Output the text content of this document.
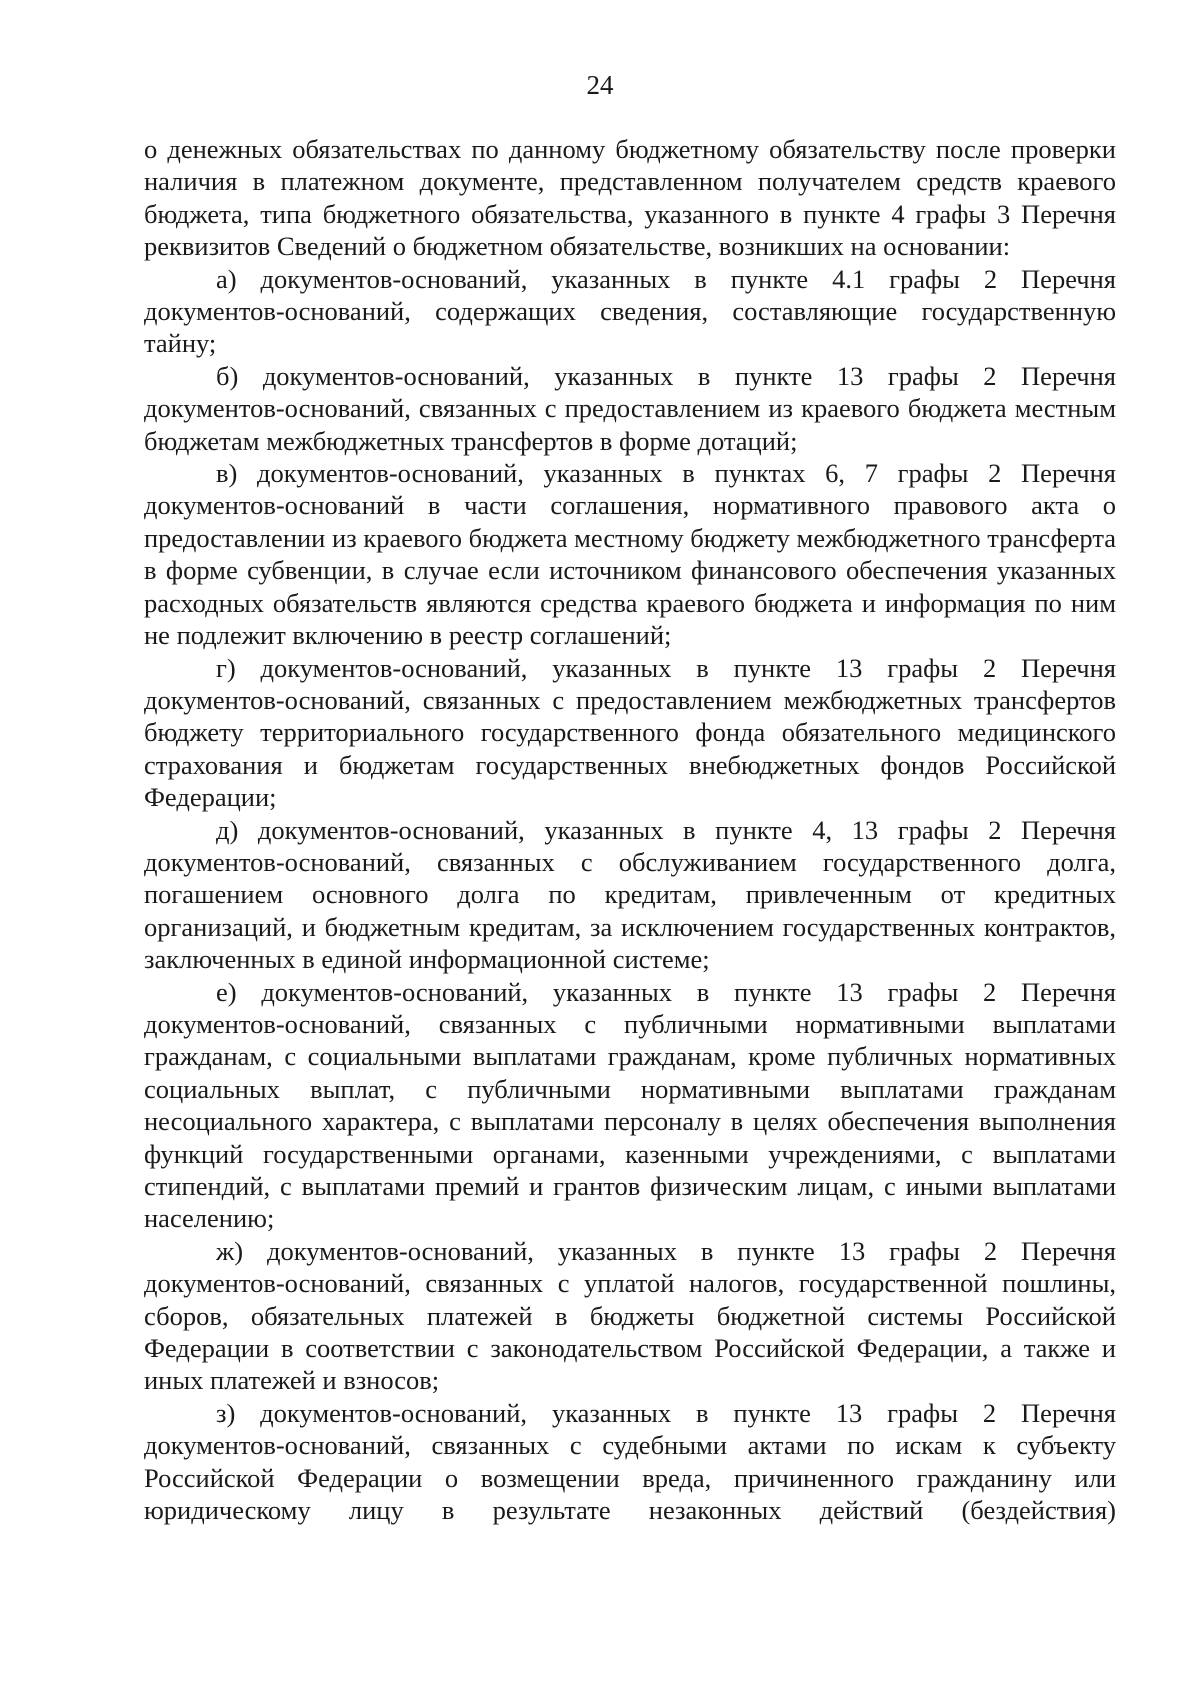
24

о денежных обязательствах по данному бюджетному обязательству после проверки наличия в платежном документе, представленном получателем средств краевого бюджета, типа бюджетного обязательства, указанного в пункте 4 графы 3 Перечня реквизитов Сведений о бюджетном обязательстве, возникших на основании:

а) документов-оснований, указанных в пункте 4.1 графы 2 Перечня документов-оснований, содержащих сведения, составляющие государственную тайну;

б) документов-оснований, указанных в пункте 13 графы 2 Перечня документов-оснований, связанных с предоставлением из краевого бюджета местным бюджетам межбюджетных трансфертов в форме дотаций;

в) документов-оснований, указанных в пунктах 6, 7 графы 2 Перечня документов-оснований в части соглашения, нормативного правового акта о предоставлении из краевого бюджета местному бюджету межбюджетного трансферта в форме субвенции, в случае если источником финансового обеспечения указанных расходных обязательств являются средства краевого бюджета и информация по ним не подлежит включению в реестр соглашений;

г) документов-оснований, указанных в пункте 13 графы 2 Перечня документов-оснований, связанных с предоставлением межбюджетных трансфертов бюджету территориального государственного фонда обязательного медицинского страхования и бюджетам государственных внебюджетных фондов Российской Федерации;

д) документов-оснований, указанных в пункте 4, 13 графы 2 Перечня документов-оснований, связанных с обслуживанием государственного долга, погашением основного долга по кредитам, привлеченным от кредитных организаций, и бюджетным кредитам, за исключением государственных контрактов, заключенных в единой информационной системе;

е) документов-оснований, указанных в пункте 13 графы 2 Перечня документов-оснований, связанных с публичными нормативными выплатами гражданам, с социальными выплатами гражданам, кроме публичных нормативных социальных выплат, с публичными нормативными выплатами гражданам несоциального характера, с выплатами персоналу в целях обеспечения выполнения функций государственными органами, казенными учреждениями, с выплатами стипендий, с выплатами премий и грантов физическим лицам, с иными выплатами населению;

ж) документов-оснований, указанных в пункте 13 графы 2 Перечня документов-оснований, связанных с уплатой налогов, государственной пошлины, сборов, обязательных платежей в бюджеты бюджетной системы Российской Федерации в соответствии с законодательством Российской Федерации, а также и иных платежей и взносов;

з) документов-оснований, указанных в пункте 13 графы 2 Перечня документов-оснований, связанных с судебными актами по искам к субъекту Российской Федерации о возмещении вреда, причиненного гражданину или юридическому лицу в результате незаконных действий (бездействия)
